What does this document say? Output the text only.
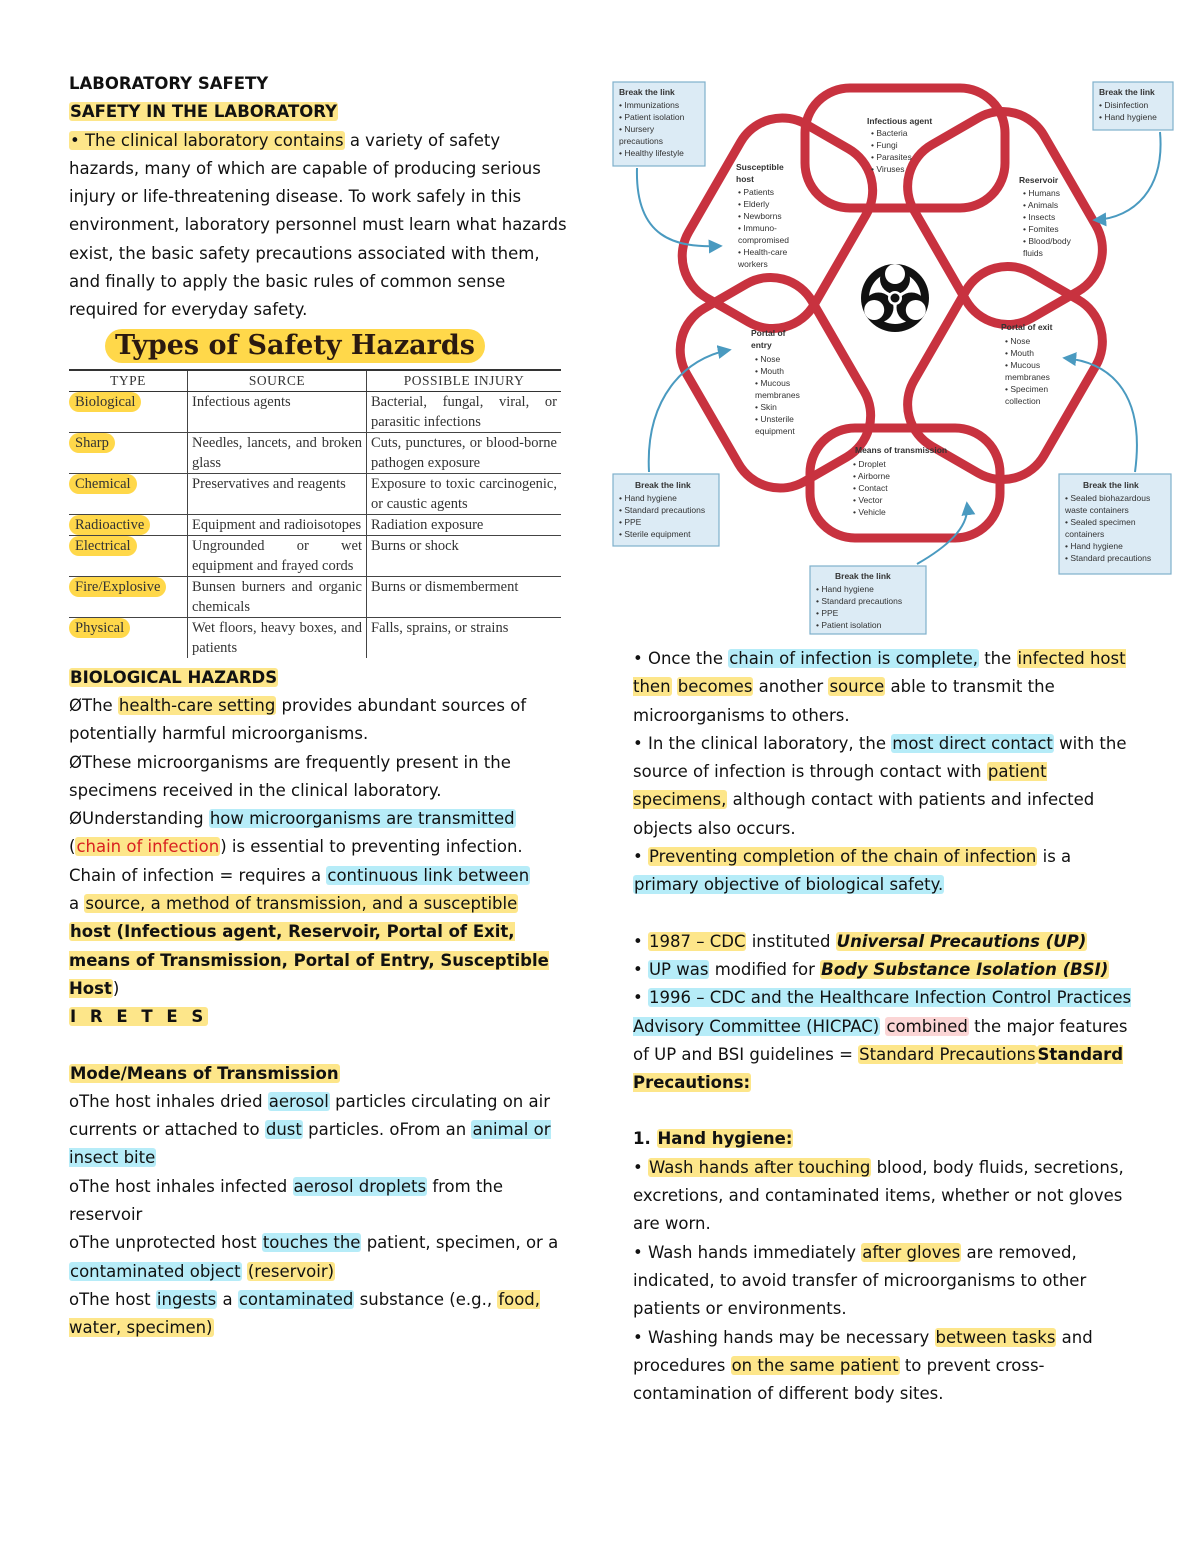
LABORATORY SAFETY

SAFETY IN THE LABORATORY

• The clinical laboratory contains a variety of safety hazards, many of which are capable of producing serious injury or life-threatening disease. To work safely in this environment, laboratory personnel must learn what hazards exist, the basic safety precautions associated with them, and finally to apply the basic rules of common sense required for everyday safety.

Types of Safety Hazards
TYPE	SOURCE	POSSIBLE INJURY
Biological	Infectious agents	Bacterial, fungal, viral, or parasitic infections
Sharp	Needles, lancets, and broken glass	Cuts, punctures, or blood-borne pathogen exposure
Chemical	Preservatives and reagents	Exposure to toxic carcinogenic, or caustic agents
Radioactive	Equipment and radioisotopes	Radiation exposure
Electrical	Ungrounded or wet equipment and frayed cords	Burns or shock
Fire/Explosive	Bunsen burners and organic chemicals	Burns or dismemberment
Physical	Wet floors, heavy boxes, and patients	Falls, sprains, or strains

BIOLOGICAL HAZARDS

ØThe health-care setting provides abundant sources of potentially harmful microorganisms.

ØThese microorganisms are frequently present in the specimens received in the clinical laboratory.

ØUnderstanding how microorganisms are transmitted
(chain of infection) is essential to preventing infection.

Chain of infection = requires a continuous link between
a source, a method of transmission, and a susceptible
host (Infectious agent, Reservoir, Portal of Exit, means of Transmission, Portal of Entry, Susceptible Host)

I R E T E S

Mode/Means of Transmission

oThe host inhales dried aerosol particles circulating on air currents or attached to dust particles. oFrom an animal or insect bite

oThe host inhales infected aerosol droplets from the reservoir

oThe unprotected host touches the patient, specimen, or a contaminated object (reservoir)

oThe host ingests a contaminated substance (e.g., food, water, specimen)

Infectious agent
• Bacteria
• Fungi
• Parasites
• Viruses
Reservoir
• Humans
• Animals
• Insects
• Fomites
• Blood/body
fluids
Portal of exit
• Nose
• Mouth
• Mucous
membranes
• Specimen
collection
Means of transmission
• Droplet
• Airborne
• Contact
• Vector
• Vehicle
Portal of
entry
• Nose
• Mouth
• Mucous
membranes
• Skin
• Unsterile
equipment
Susceptible
host
• Patients
• Elderly
• Newborns
• Immuno-
compromised
• Health-care
workers
Break the link
• Immunizations
• Patient isolation
• Nursery
precautions
• Healthy lifestyle
Break the link
• Disinfection
• Hand hygiene
Break the link
• Hand hygiene
• Standard precautions
• PPE
• Sterile equipment
Break the link
• Sealed biohazardous
waste containers
• Sealed specimen
containers
• Hand hygiene
• Standard precautions
Break the link
• Hand hygiene
• Standard precautions
• PPE
• Patient isolation

• Once the chain of infection is complete, the infected host then becomes another source able to transmit the microorganisms to others.

• In the clinical laboratory, the most direct contact with the source of infection is through contact with patient specimens, although contact with patients and infected objects also occurs.

• Preventing completion of the chain of infection is a primary objective of biological safety.

• 1987 – CDC instituted Universal Precautions (UP)

• UP was modified for Body Substance Isolation (BSI)

• 1996 – CDC and the Healthcare Infection Control Practices Advisory Committee (HICPAC) combined the major features of UP and BSI guidelines = Standard Precautions Standard Precautions:

1. Hand hygiene:

• Wash hands after touching blood, body fluids, secretions, excretions, and contaminated items, whether or not gloves are worn.

• Wash hands immediately after gloves are removed, indicated, to avoid transfer of microorganisms to other patients or environments.

• Washing hands may be necessary between tasks and procedures on the same patient to prevent cross-contamination of different body sites.
